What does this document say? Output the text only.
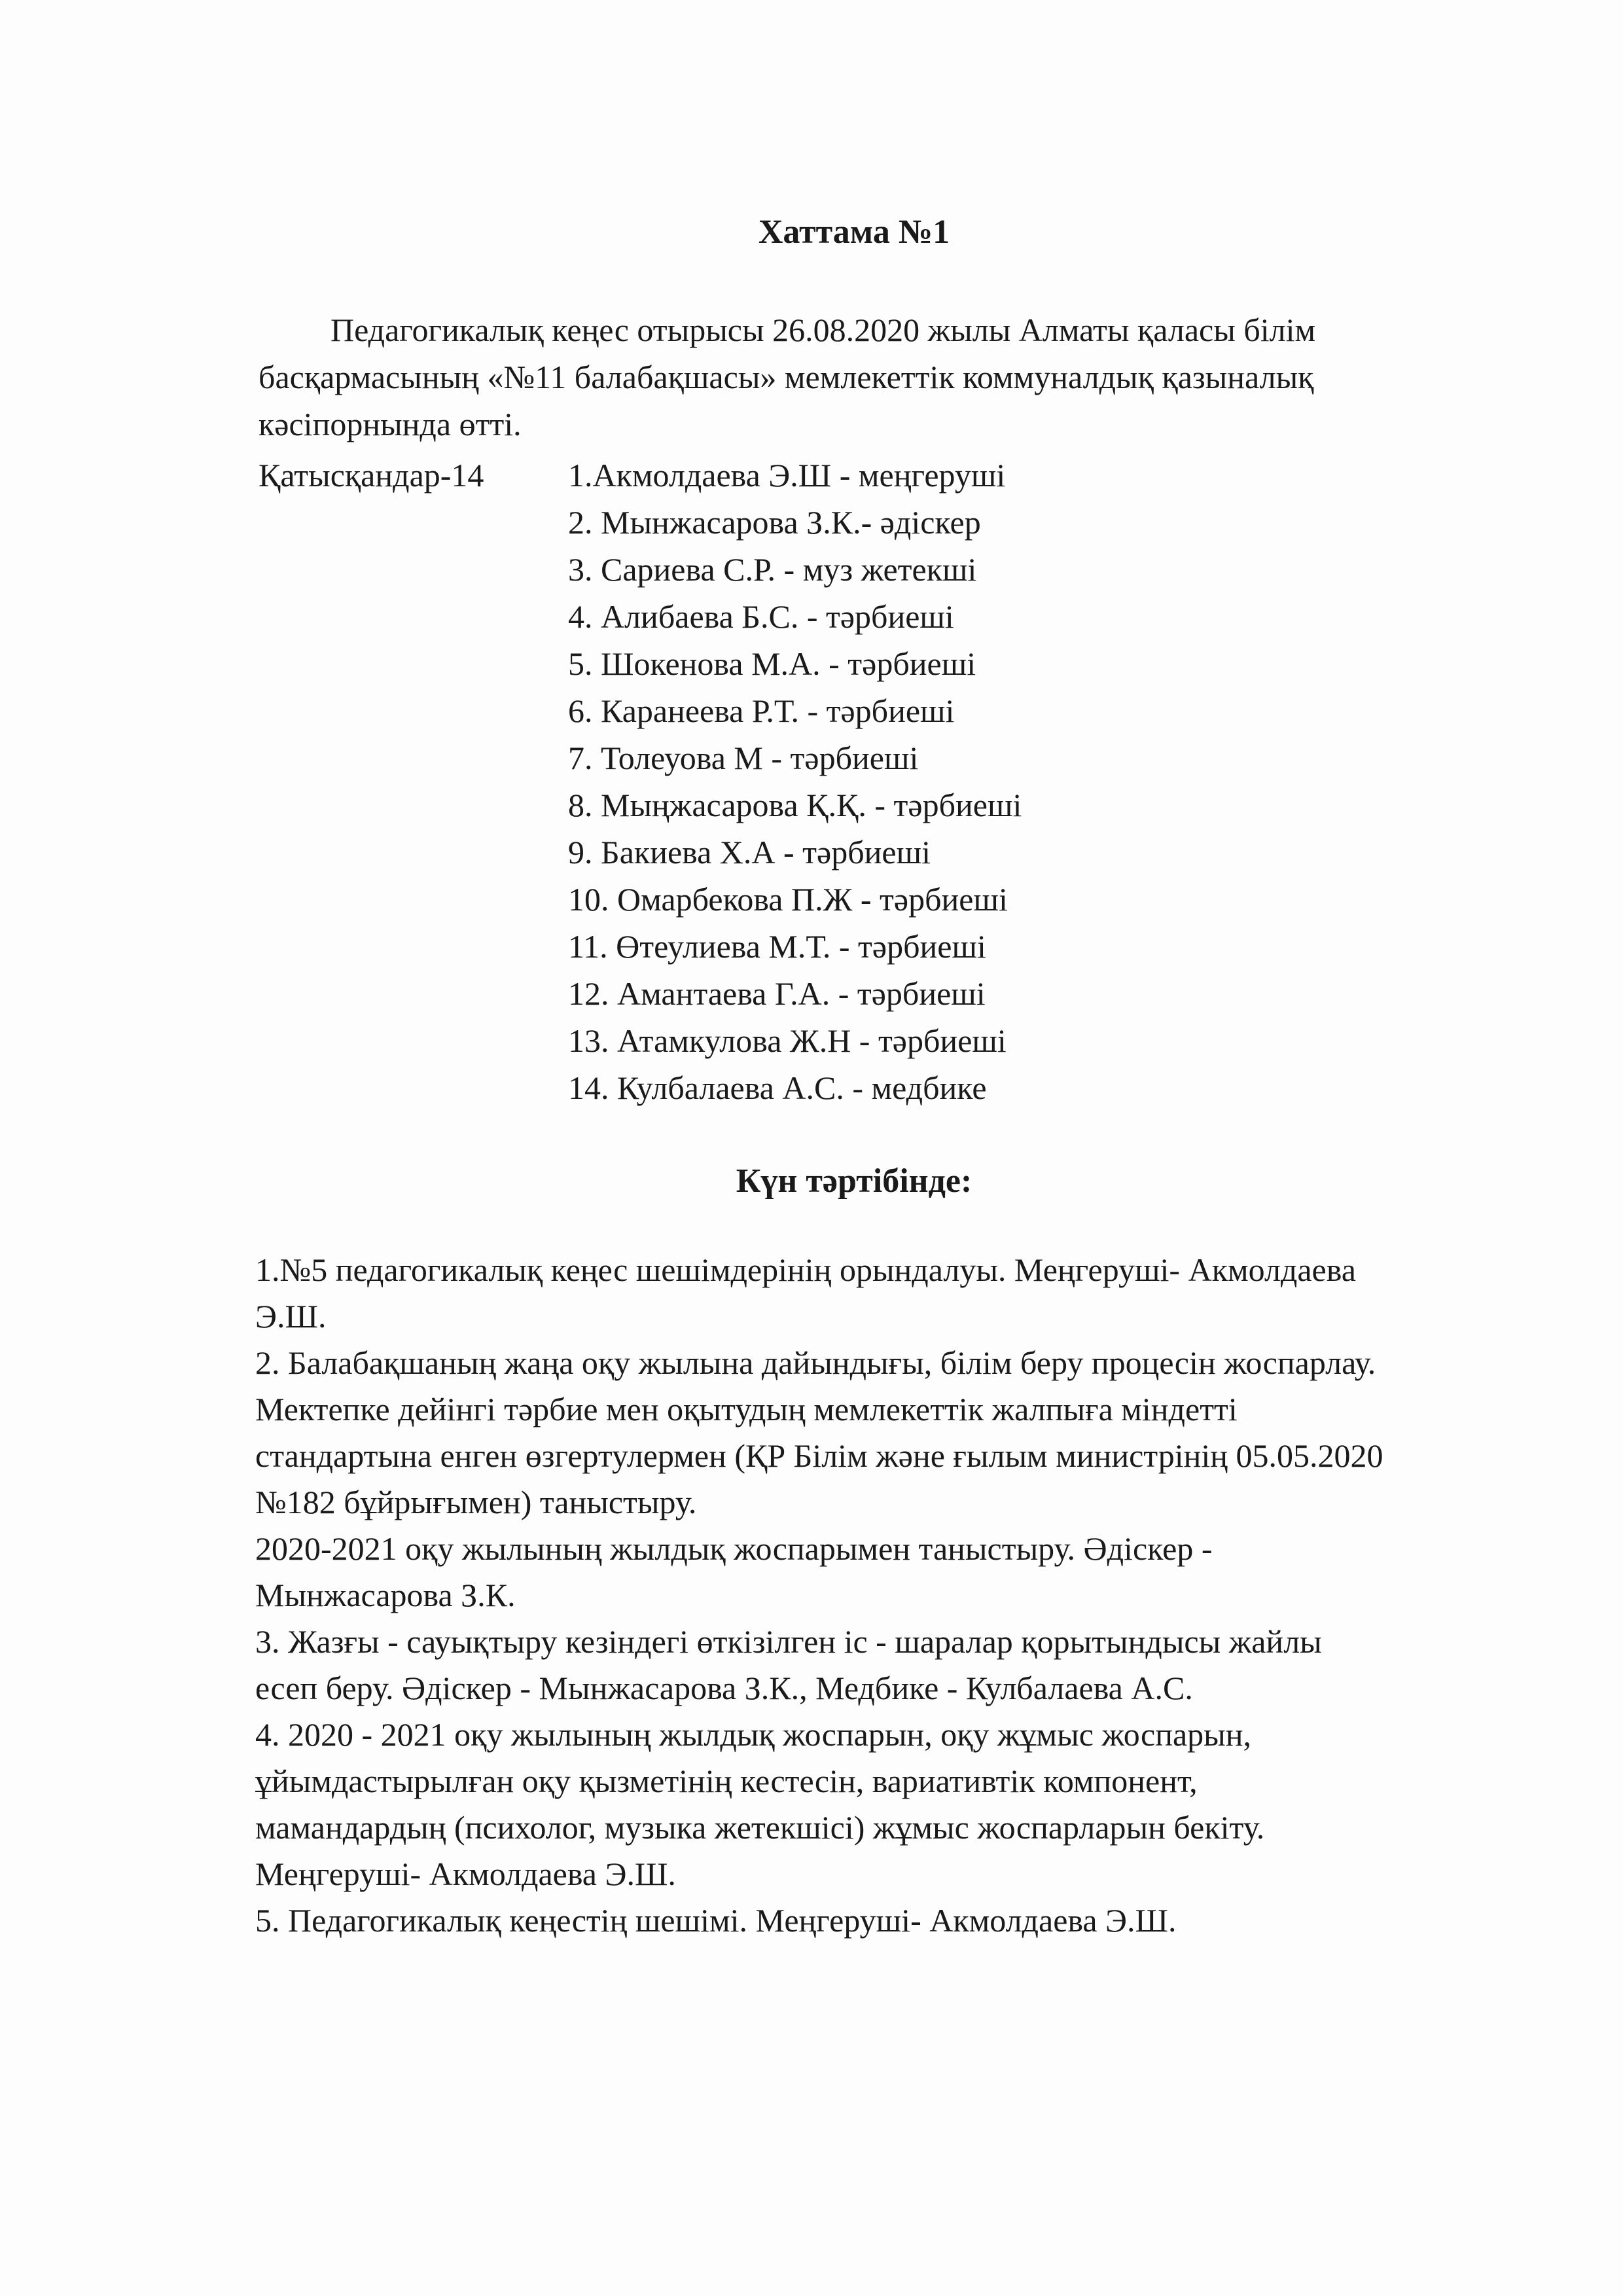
Хаттама №1

Педагогикалық кеңес отырысы 26.08.2020 жылы Алматы қаласы білім

басқармасының «№11 балабақшасы» мемлекеттік коммуналдық қазыналық

кәсіпорнында өтті.

Қатысқандар-14	1.Акмолдаева Э.Ш - меңгеруші
2. Мынжасарова З.К.- әдіскер
3. Сариева С.Р. - муз жетекші
4. Алибаева Б.С. - тәрбиеші
5. Шокенова М.А. - тәрбиеші
6. Каранеева Р.Т. - тәрбиеші
7. Толеуова М - тәрбиеші
8. Мыңжасарова Қ.Қ. - тәрбиеші
9. Бакиева Х.А - тәрбиеші
10. Омарбекова П.Ж - тәрбиеші
11. Өтеулиева М.Т. - тәрбиеші
12. Амантаева Г.А. - тәрбиеші
13. Атамкулова Ж.Н - тәрбиеші
14. Кулбалаева А.С. - медбике
Күн тәртібінде:
1.№5 педагогикалық кеңес шешімдерінің орындалуы. Меңгеруші- Акмолдаева
Э.Ш.
2. Балабақшаның жаңа оқу жылына дайындығы, білім беру процесін жоспарлау.
Мектепке дейінгі тәрбие мен оқытудың мемлекеттік жалпыға міндетті
стандартына енген өзгертулермен (ҚР Білім және ғылым министрінің 05.05.2020
№182 бұйрығымен) таныстыру.
2020-2021 оқу жылының жылдық жоспарымен таныстыру. Әдіскер -
Мынжасарова З.К.
3. Жазғы - сауықтыру кезіндегі өткізілген іс - шаралар қорытындысы жайлы
есеп беру. Әдіскер - Мынжасарова З.К., Медбике - Кулбалаева А.С.
4. 2020 - 2021 оқу жылының жылдық жоспарын, оқу жұмыс жоспарын,
ұйымдастырылған оқу қызметінің кестесін, вариативтік компонент,
мамандардың (психолог, музыка жетекшісі) жұмыс жоспарларын бекіту.
Меңгеруші- Акмолдаева Э.Ш.
5. Педагогикалық кеңестің шешімі. Меңгеруші- Акмолдаева Э.Ш.
